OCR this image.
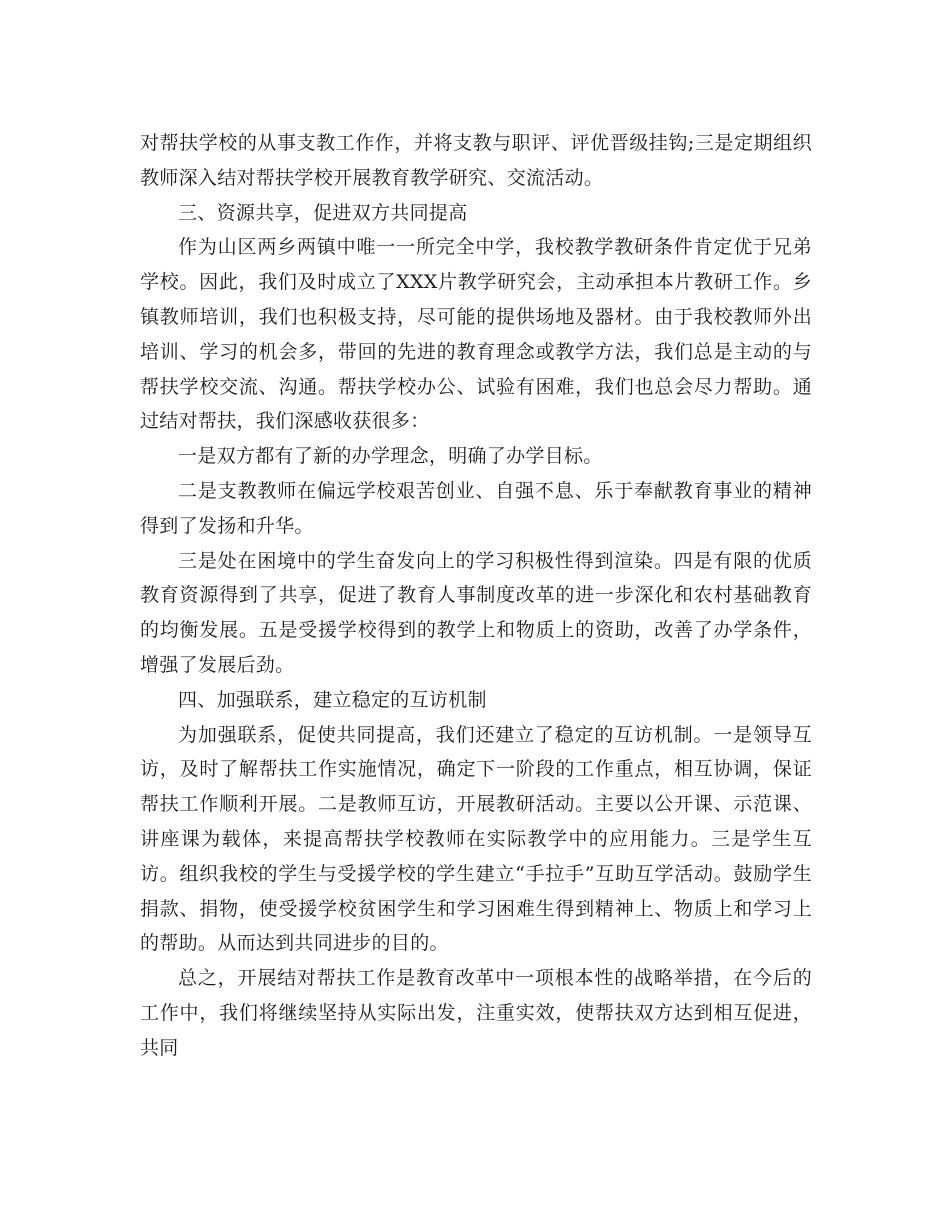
对帮扶学校的从事支教工作作，并将支教与职评、评优晋级挂钩;三是定期组织教师深入结对帮扶学校开展教育教学研究、交流活动。

三、资源共享，促进双方共同提高

作为山区两乡两镇中唯一一所完全中学，我校教学教研条件肯定优于兄弟学校。因此，我们及时成立了XXX片教学研究会，主动承担本片教研工作。乡镇教师培训，我们也积极支持，尽可能的提供场地及器材。由于我校教师外出培训、学习的机会多，带回的先进的教育理念或教学方法，我们总是主动的与帮扶学校交流、沟通。帮扶学校办公、试验有困难，我们也总会尽力帮助。通过结对帮扶，我们深感收获很多：

一是双方都有了新的办学理念，明确了办学目标。

二是支教教师在偏远学校艰苦创业、自强不息、乐于奉献教育事业的精神得到了发扬和升华。

三是处在困境中的学生奋发向上的学习积极性得到渲染。四是有限的优质教育资源得到了共享，促进了教育人事制度改革的进一步深化和农村基础教育的均衡发展。五是受援学校得到的教学上和物质上的资助，改善了办学条件，增强了发展后劲。

四、加强联系，建立稳定的互访机制

为加强联系，促使共同提高，我们还建立了稳定的互访机制。一是领导互访，及时了解帮扶工作实施情况，确定下一阶段的工作重点，相互协调，保证帮扶工作顺利开展。二是教师互访，开展教研活动。主要以公开课、示范课、讲座课为载体，来提高帮扶学校教师在实际教学中的应用能力。三是学生互访。组织我校的学生与受援学校的学生建立“手拉手”互助互学活动。鼓励学生捐款、捐物，使受援学校贫困学生和学习困难生得到精神上、物质上和学习上的帮助。从而达到共同进步的目的。

总之，开展结对帮扶工作是教育改革中一项根本性的战略举措，在今后的工作中，我们将继续坚持从实际出发，注重实效，使帮扶双方达到相互促进，共同
